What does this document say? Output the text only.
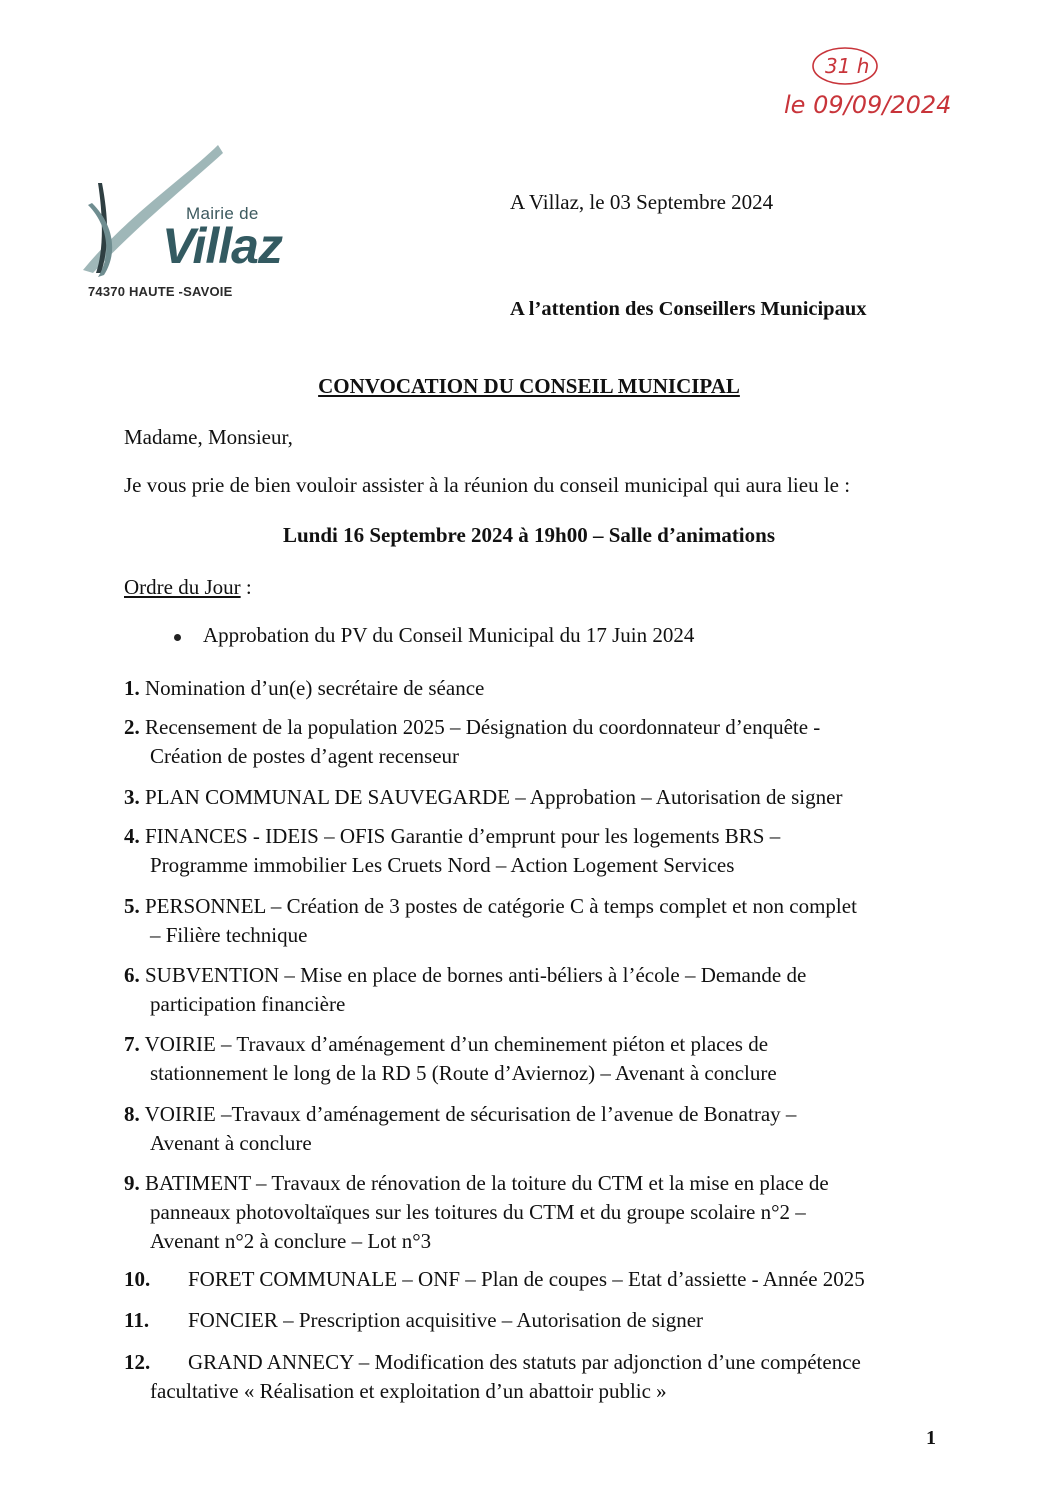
31 h
le 09/09/2024
Mairie de
Villaz
74370 HAUTE -SAVOIE
A Villaz, le 03 Septembre 2024
A l’attention des Conseillers Municipaux
CONVOCATION DU CONSEIL MUNICIPAL
Madame, Monsieur,
Je vous prie de bien vouloir assister à la réunion du conseil municipal qui aura lieu le :
Lundi 16 Septembre 2024 à 19h00 – Salle d’animations
Ordre du Jour :
Approbation du PV du Conseil Municipal du 17 Juin 2024
1. Nomination d’un(e) secrétaire de séance
2. Recensement de la population 2025 – Désignation du coordonnateur d’enquête -
Création de postes d’agent recenseur
3. PLAN COMMUNAL DE SAUVEGARDE – Approbation – Autorisation de signer
4. FINANCES - IDEIS – OFIS Garantie d’emprunt pour les logements BRS –
Programme immobilier Les Cruets Nord – Action Logement Services
5. PERSONNEL – Création de 3 postes de catégorie C à temps complet et non complet
– Filière technique
6. SUBVENTION – Mise en place de bornes anti-béliers à l’école – Demande de
participation financière
7. VOIRIE – Travaux d’aménagement d’un cheminement piéton et places de
stationnement le long de la RD 5 (Route d’Aviernoz) – Avenant à conclure
8. VOIRIE –Travaux d’aménagement de sécurisation de l’avenue de Bonatray –
Avenant à conclure
9. BATIMENT – Travaux de rénovation de la toiture du CTM et la mise en place de
panneaux photovoltaïques sur les toitures du CTM et du groupe scolaire n°2 –
Avenant n°2 à conclure – Lot n°3
10. FORET COMMUNALE – ONF – Plan de coupes – Etat d’assiette - Année 2025
11. FONCIER – Prescription acquisitive – Autorisation de signer
12. GRAND ANNECY – Modification des statuts par adjonction d’une compétence
facultative « Réalisation et exploitation d’un abattoir public »
1
